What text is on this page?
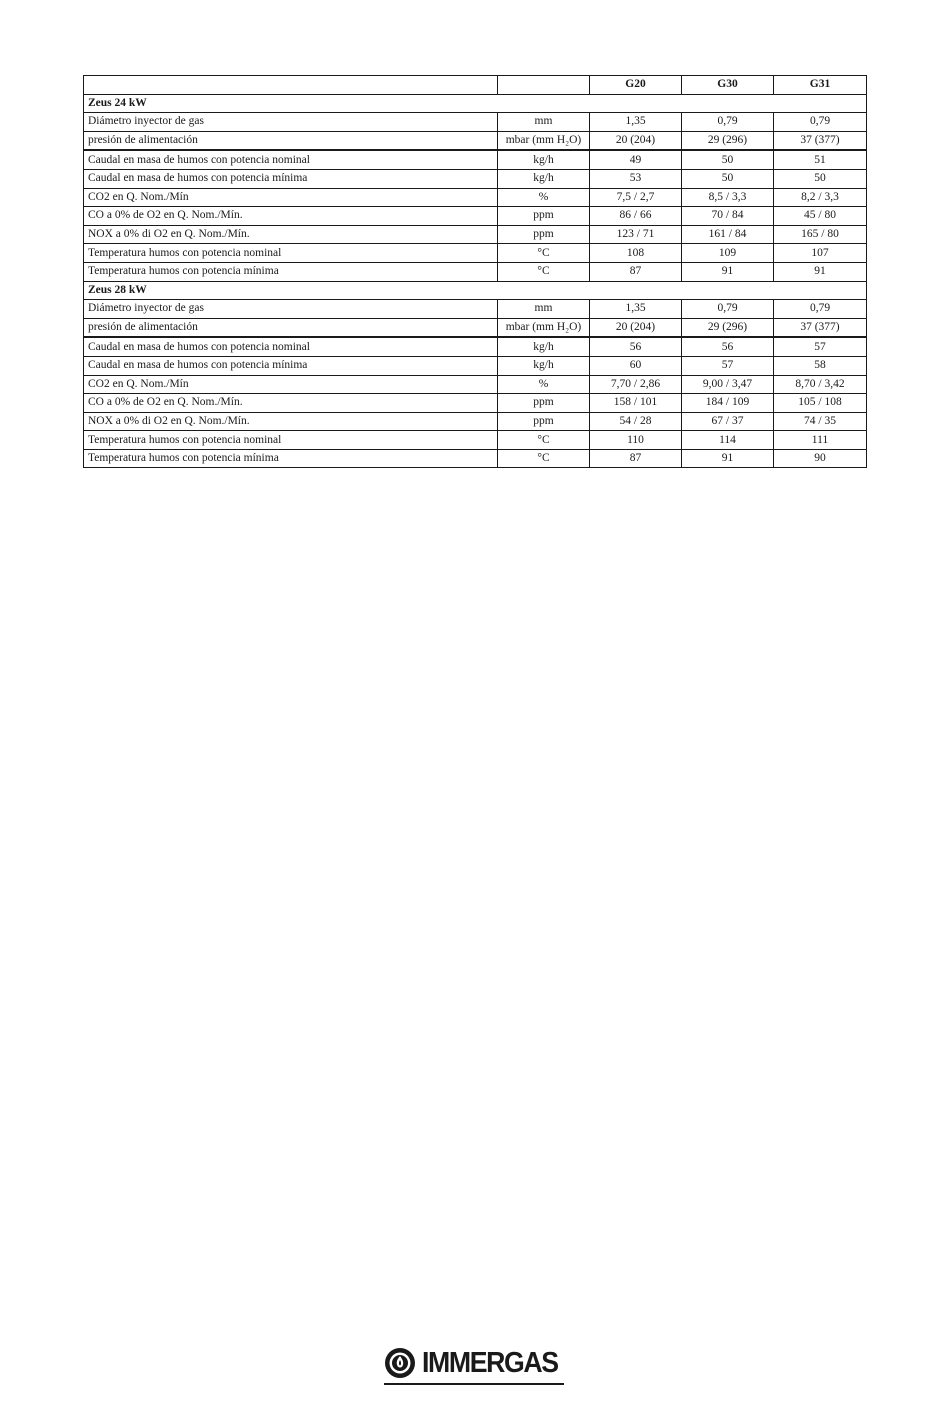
		G20	G30	G31
Zeus 24 kW				
Diámetro inyector de gas	mm	1,35	0,79	0,79
presión de alimentación	mbar (mm H₂O)	20 (204)	29 (296)	37 (377)
Caudal en masa de humos con potencia nominal	kg/h	49	50	51
Caudal en masa de humos con potencia mínima	kg/h	53	50	50
CO2 en Q. Nom./Mín	%	7,5 / 2,7	8,5 / 3,3	8,2 / 3,3
CO a 0% de O2 en Q. Nom./Mín.	ppm	86 / 66	70 / 84	45 / 80
NOX a 0% di O2 en Q. Nom./Mín.	ppm	123 / 71	161 / 84	165 / 80
Temperatura humos con potencia nominal	°C	108	109	107
Temperatura humos con potencia mínima	°C	87	91	91
Zeus 28 kW				
Diámetro inyector de gas	mm	1,35	0,79	0,79
presión de alimentación	mbar (mm H₂O)	20 (204)	29 (296)	37 (377)
Caudal en masa de humos con potencia nominal	kg/h	56	56	57
Caudal en masa de humos con potencia mínima	kg/h	60	57	58
CO2 en Q. Nom./Mín	%	7,70 / 2,86	9,00 / 3,47	8,70 / 3,42
CO a 0% de O2 en Q. Nom./Mín.	ppm	158 / 101	184 / 109	105 / 108
NOX a 0% di O2 en Q. Nom./Mín.	ppm	54 / 28	67 / 37	74 / 35
Temperatura humos con potencia nominal	°C	110	114	111
Temperatura humos con potencia mínima	°C	87	91	90
IMMERGAS
